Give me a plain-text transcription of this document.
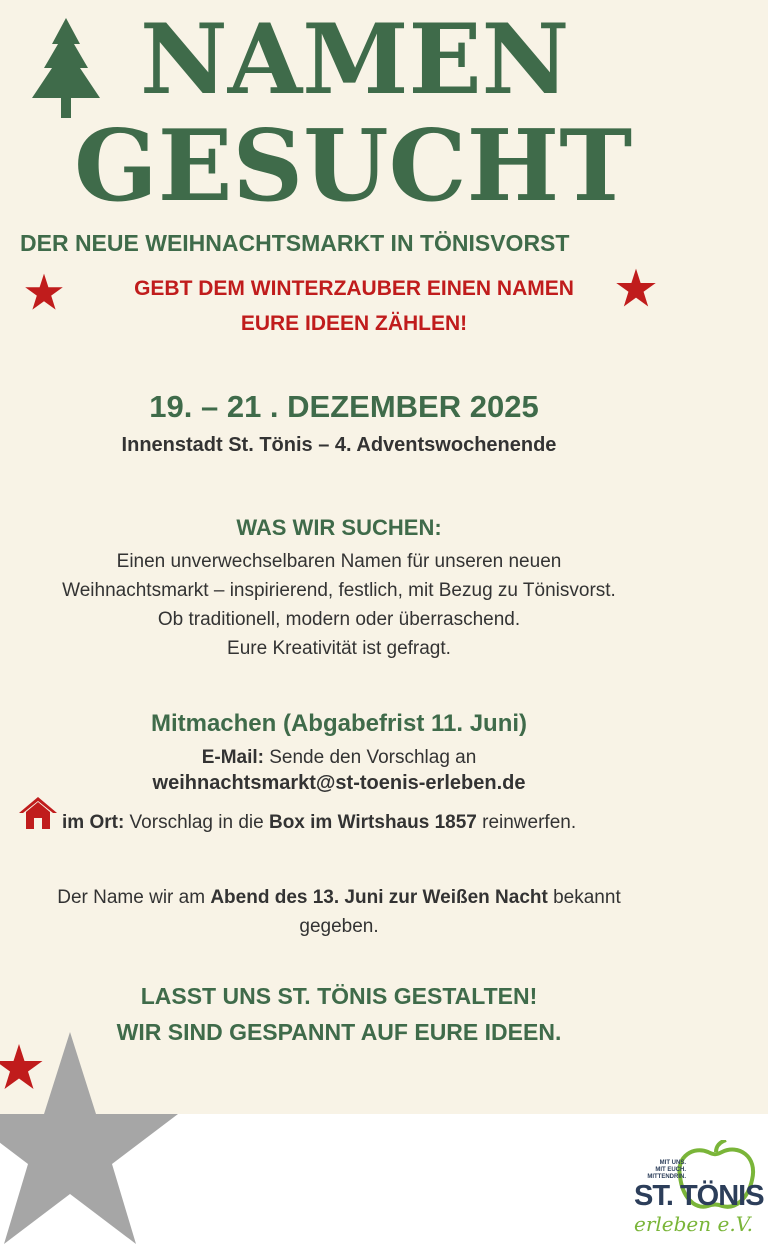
NAMEN
GESUCHT
DER NEUE WEIHNACHTSMARKT IN TÖNISVORST
GEBT DEM WINTERZAUBER EINEN NAMEN
EURE IDEEN ZÄHLEN!
19. – 21 . DEZEMBER 2025
Innenstadt St. Tönis – 4. Adventswochenende
WAS WIR SUCHEN:
Einen unverwechselbaren Namen für unseren neuen
Weihnachtsmarkt – inspirierend, festlich, mit Bezug zu Tönisvorst.
Ob traditionell, modern oder überraschend.
Eure Kreativität ist gefragt.
Mitmachen (Abgabefrist 11. Juni)
E-Mail: Sende den Vorschlag an
weihnachtsmarkt@st-toenis-erleben.de
im Ort: Vorschlag in die Box im Wirtshaus 1857 reinwerfen.
Der Name wir am Abend des 13. Juni zur Weißen Nacht bekannt
gegeben.
LASST UNS ST. TÖNIS GESTALTEN!
WIR SIND GESPANNT AUF EURE IDEEN.
MIT UNS.
MIT EUCH.
MITTENDRIN.
ST. TÖNIS
erleben e.V.
